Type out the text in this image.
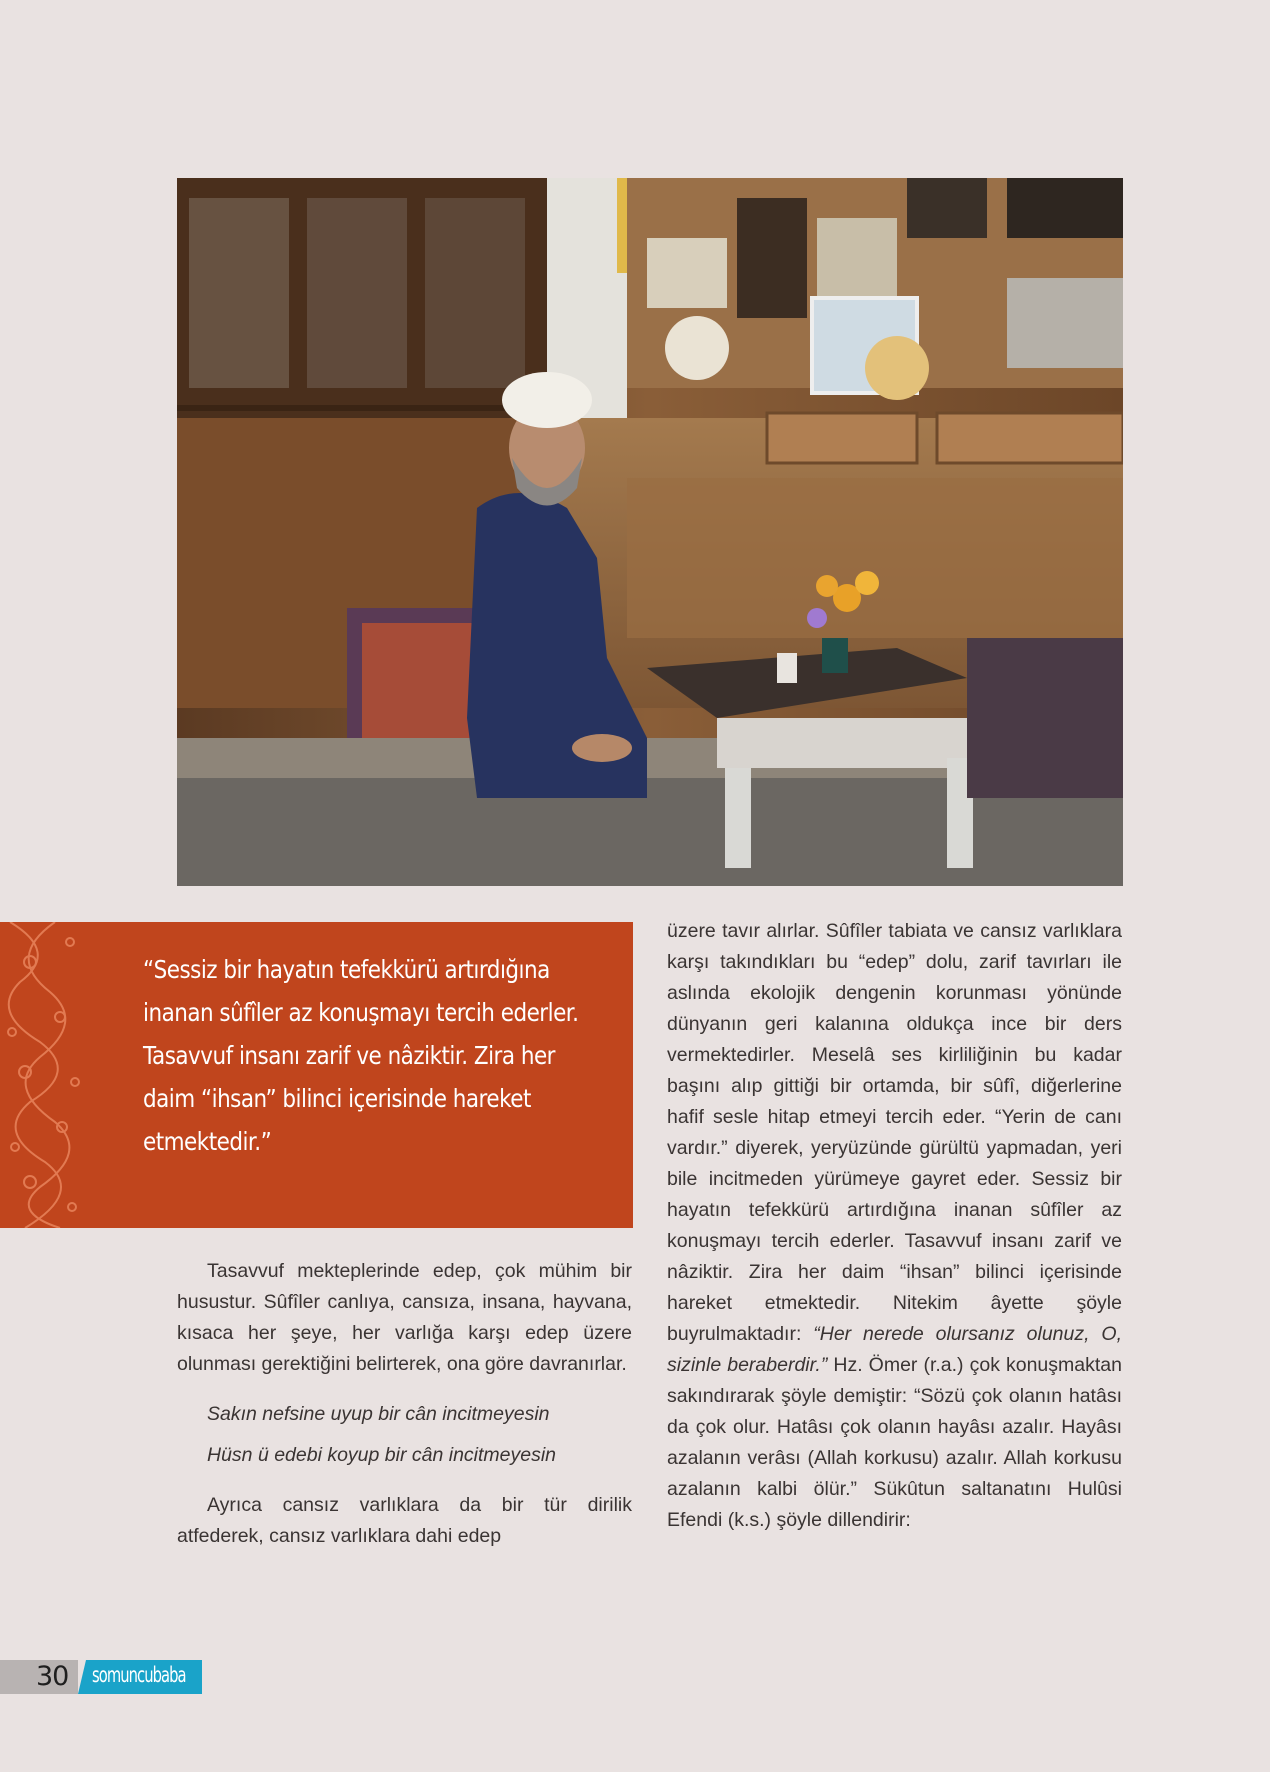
“Sessiz bir hayatın tefekkürü artırdığına inanan sûfîler az konuşmayı tercih ederler. Tasavvuf insanı zarif ve nâziktir. Zira her daim “ihsan” bilinci içerisinde hareket etmektedir.”

Tasavvuf mekteplerinde edep, çok mühim bir husustur. Sûfîler canlıya, cansıza, insana, hayvana, kısaca her şeye, her varlığa karşı edep üzere olunması gerektiğini belirterek, ona göre davranırlar.

Sakın nefsine uyup bir cân incitmeyesin
Hüsn ü edebi koyup bir cân incitmeyesin

Ayrıca cansız varlıklara da bir tür dirilik atfederek, cansız varlıklara dahi edep

üzere tavır alırlar. Sûfîler tabiata ve cansız varlıklara karşı takındıkları bu “edep” dolu, zarif tavırları ile aslında ekolojik dengenin korunması yönünde dünyanın geri kalanına oldukça ince bir ders vermektedirler. Meselâ ses kirliliğinin bu kadar başını alıp gittiği bir ortamda, bir sûfî, diğerlerine hafif sesle hitap etmeyi tercih eder. “Yerin de canı vardır.” diyerek, yeryüzünde gürültü yapmadan, yeri bile incitmeden yürümeye gayret eder. Sessiz bir hayatın tefekkürü artırdığına inanan sûfîler az konuşmayı tercih ederler. Tasavvuf insanı zarif ve nâziktir. Zira her daim “ihsan” bilinci içerisinde hareket etmektedir. Nitekim âyette şöyle buyrulmaktadır: “Her nerede olursanız olunuz, O, sizinle beraberdir.” Hz. Ömer (r.a.) çok konuşmaktan sakındırarak şöyle demiştir: “Sözü çok olanın hatâsı da çok olur. Hatâsı çok olanın hayâsı azalır. Hayâsı azalanın verâsı (Allah korkusu) azalır. Allah korkusu azalanın kalbi ölür.” Sükûtun saltanatını Hulûsi Efendi (k.s.) şöyle dillendirir:

30 somuncubaba
